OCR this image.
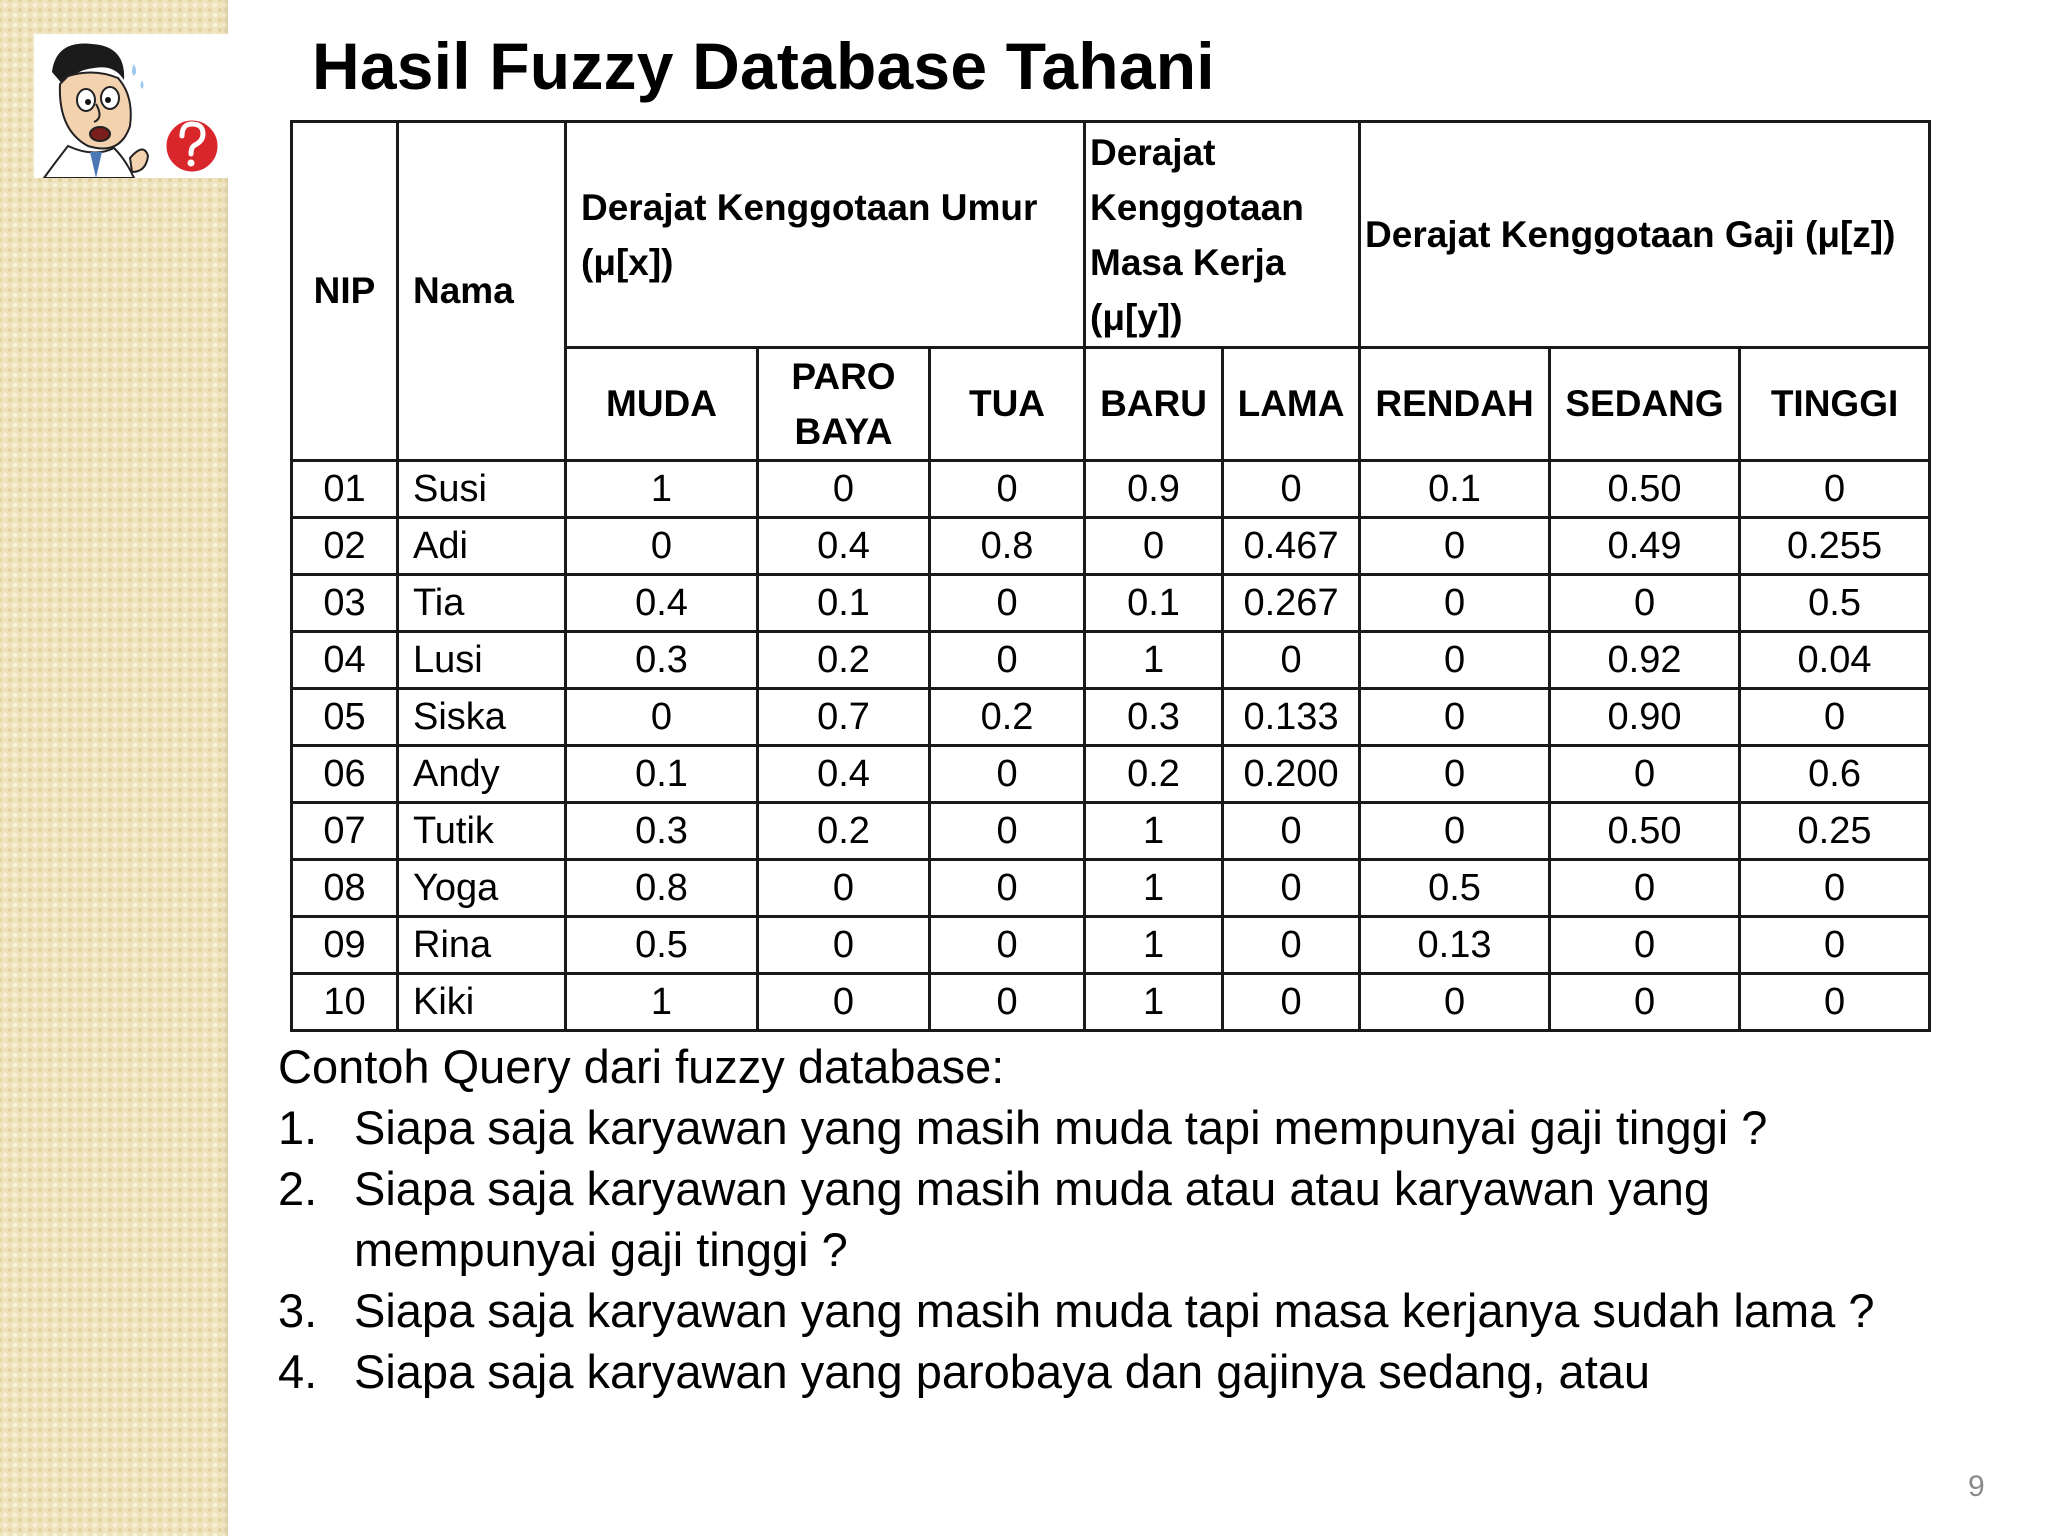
Hasil Fuzzy Database Tahani
NIP	Nama	Derajat Kenggotaan Umur (μ[x])			Derajat Kenggotaan Masa Kerja (μ[y])		Derajat Kenggotaan Gaji (μ[z])		
		MUDA	PARO BAYA	TUA	BARU	LAMA	RENDAH	SEDANG	TINGGI
01	Susi	1	0	0	0.9	0	0.1	0.50	0
02	Adi	0	0.4	0.8	0	0.467	0	0.49	0.255
03	Tia	0.4	0.1	0	0.1	0.267	0	0	0.5
04	Lusi	0.3	0.2	0	1	0	0	0.92	0.04
05	Siska	0	0.7	0.2	0.3	0.133	0	0.90	0
06	Andy	0.1	0.4	0	0.2	0.200	0	0	0.6
07	Tutik	0.3	0.2	0	1	0	0	0.50	0.25
08	Yoga	0.8	0	0	1	0	0.5	0	0
09	Rina	0.5	0	0	1	0	0.13	0	0
10	Kiki	1	0	0	1	0	0	0	0
Contoh Query dari fuzzy database:
1. Siapa saja karyawan yang masih muda tapi mempunyai gaji tinggi ?
2. Siapa saja karyawan yang masih muda atau atau karyawan yang mempunyai gaji tinggi ?
3. Siapa saja karyawan yang masih muda tapi masa kerjanya sudah lama ?
4. Siapa saja karyawan yang parobaya dan gajinya sedang, atau
9
